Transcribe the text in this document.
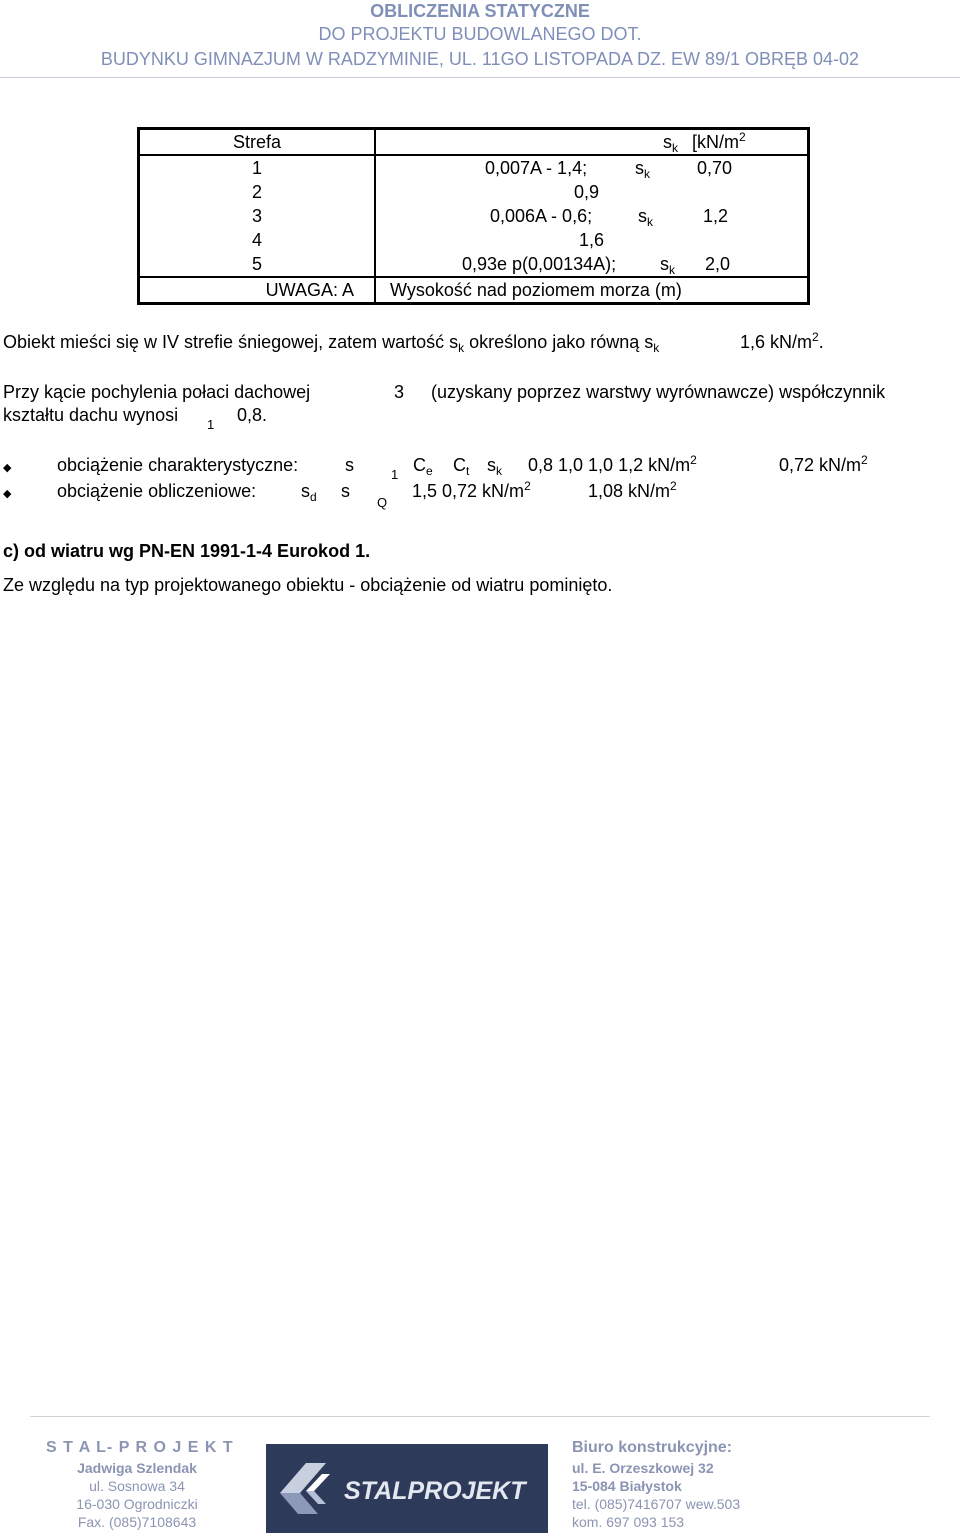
OBLICZENIA STATYCZNE
DO PROJEKTU BUDOWLANEGO DOT.
BUDYNKU GIMNAZJUM W RADZYMINIE, UL. 11GO LISTOPADA DZ. EW 89/1 OBRĘB 04-02
Strefa	$s_k$ [$kN/m^2$

1	0,007A - 1,4; $s_k$ 0,70

2	0,9

3	0,006A - 0,6; $s_k$ 1,2

4	1,6

5	0,93e p(0,00134A); $s_k$ 2,0

UWAGA: A	Wysokość nad poziomem morza (m)
Obiekt mieści się w IV strefie śniegowej, zatem wartość $s_k$ określono jako równą $s_k$	1,6 $kN/m^2$.
Przy kącie pochylenia połaci dachowej	3 (uzyskany poprzez warstwy wyrównawcze) współczynnik
kształtu dachu wynosi 1 0,8.
◆	obciążenie charakterystyczne:	s	1 $C_e$ $C_t$ $s_k$ 0,8 1,0 1,0 1,2 $kN/m^2$	0,72 $kN/m^2$
◆	obciążenie obliczeniowe: $s_d$ s
Q
1,5 0,72 $kN/m^2$	1,08 $kN/m^2$
c) od wiatru wg PN-EN 1991-1-4 Eurokod 1.
Ze względu na typ projektowanego obiektu - obciążenie od wiatru pominięto.
S T A L- P R O J E K T
Jadwiga Szlendak
ul. Sosnowa 34
16-030 Ogrodniczki
Fax. (085)7108643
STALPROJEKT
Biuro konstrukcyjne:
ul. E. Orzeszkowej 32
15-084 Białystok
tel. (085)7416707 wew.503
kom. 697 093 153
